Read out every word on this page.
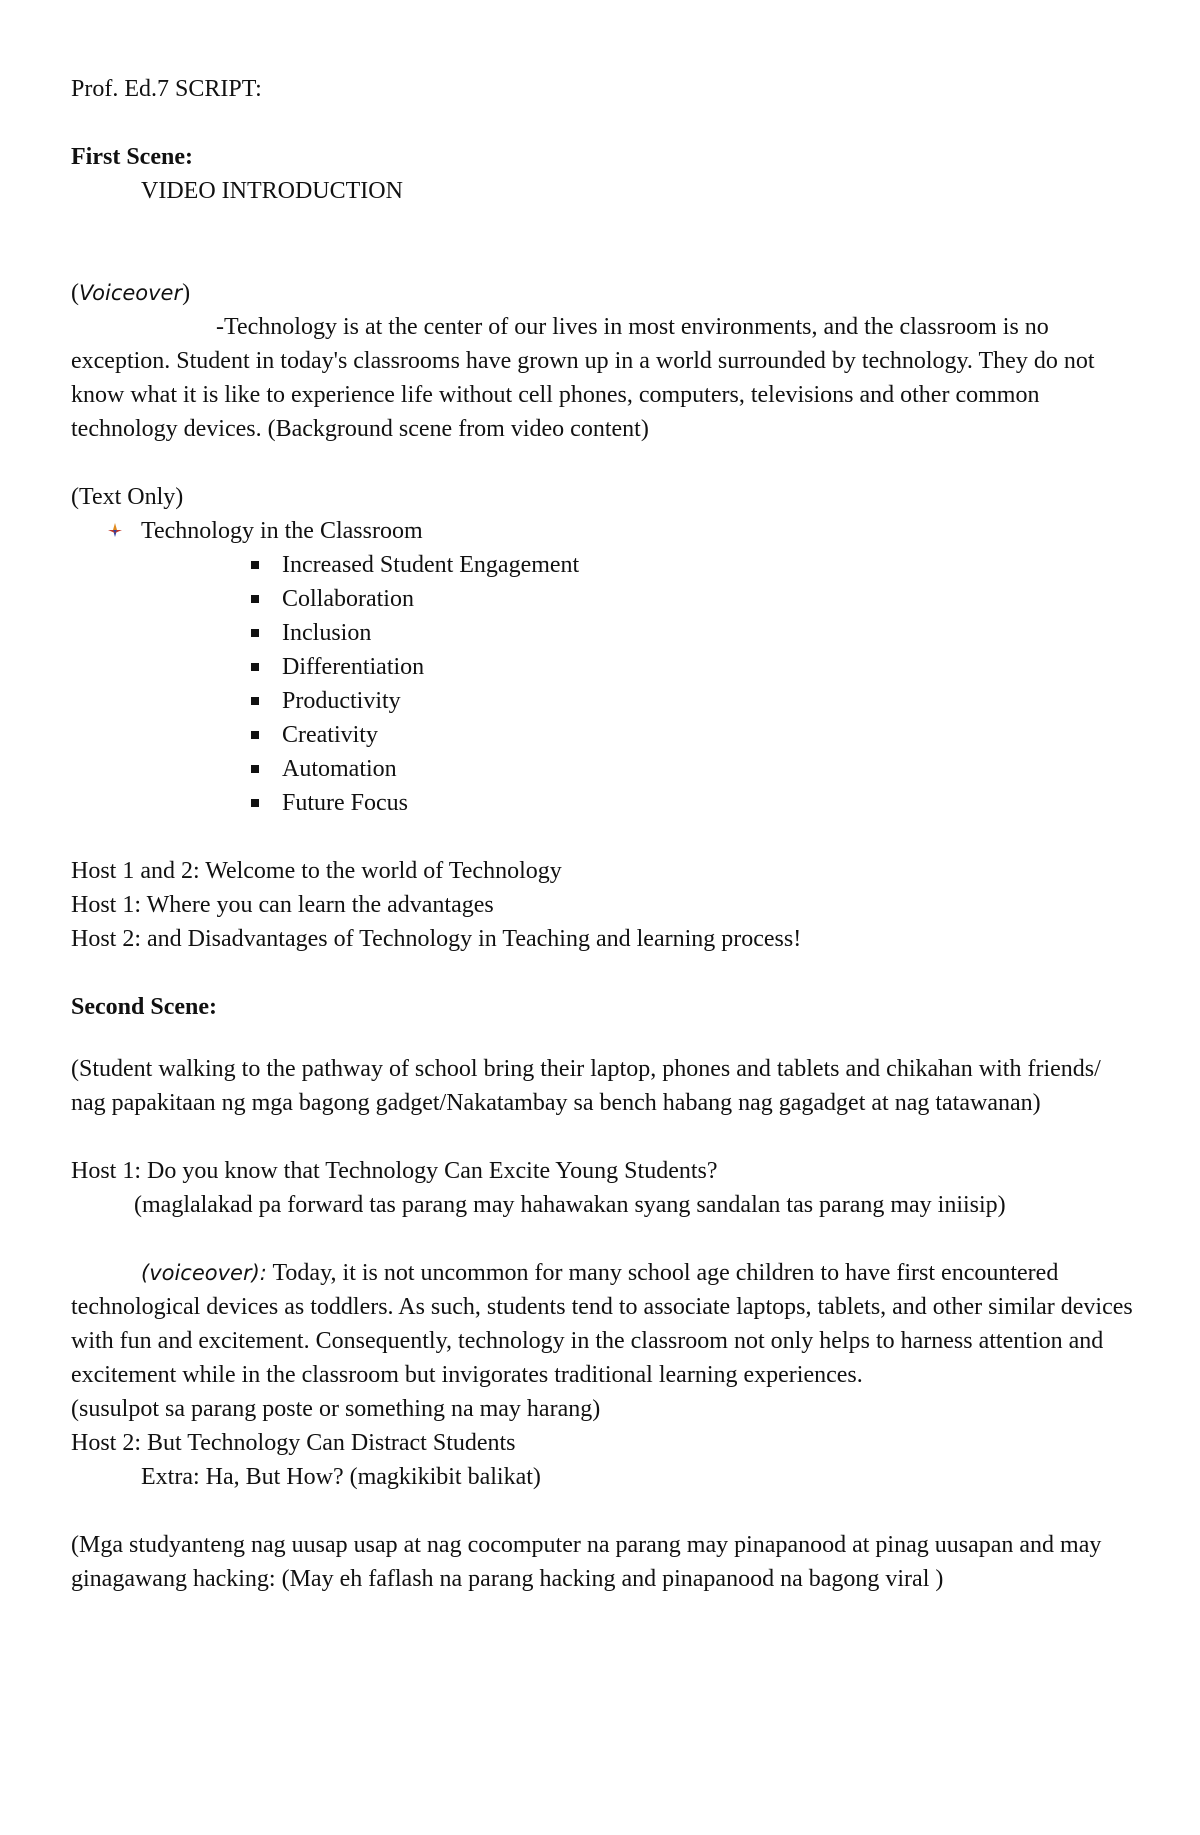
Prof. Ed.7 SCRIPT:
First Scene:
VIDEO INTRODUCTION
(Voiceover)
-Technology is at the center of our lives in most environments, and the classroom is no exception. Student in today's classrooms have grown up in a world surrounded by technology. They do not know what it is like to experience life without cell phones, computers, televisions and other common technology devices. (Background scene from video content)
(Text Only)
Technology in the Classroom
Increased Student Engagement
Collaboration
Inclusion
Differentiation
Productivity
Creativity
Automation
Future Focus
Host 1 and 2: Welcome to the world of Technology
Host 1: Where you can learn the advantages
Host 2: and Disadvantages of Technology in Teaching and learning process!
Second Scene:
(Student walking to the pathway of school bring their laptop, phones and tablets and chikahan with friends/ nag papakitaan ng mga bagong gadget/Nakatambay sa bench habang nag gagadget at nag tatawanan)
Host 1: Do you know that Technology Can Excite Young Students?
(maglalakad pa forward tas parang may hahawakan syang sandalan tas parang may iniisip)
(voiceover): Today, it is not uncommon for many school age children to have first encountered technological devices as toddlers. As such, students tend to associate laptops, tablets, and other similar devices with fun and excitement. Consequently, technology in the classroom not only helps to harness attention and excitement while in the classroom but invigorates traditional learning experiences.
(susulpot sa parang poste or something na may harang)
Host 2: But Technology Can Distract Students
Extra: Ha, But How? (magkikibit balikat)
(Mga studyanteng nag uusap usap at nag cocomputer na parang may pinapanood at pinag uusapan and may ginagawang hacking: (May eh faflash na parang hacking and pinapanood na bagong viral )
